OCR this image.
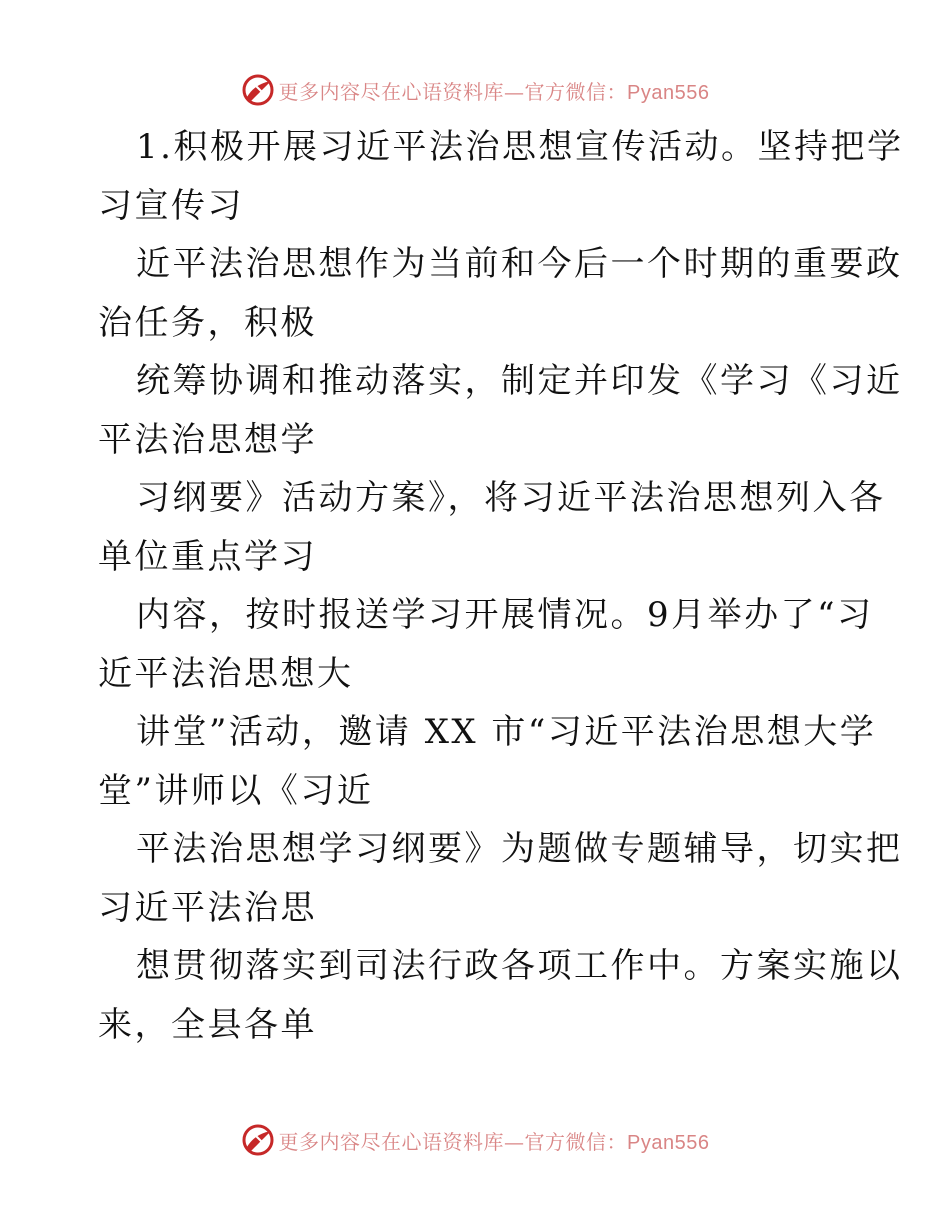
更多内容尽在心语资料库—官方微信：Pyan556
1.积极开展习近平法治思想宣传活动。坚持把学
习宣传习
近平法治思想作为当前和今后一个时期的重要政
治任务，积极
统筹协调和推动落实，制定并印发《学习《习近
平法治思想学
习纲要》活动方案》，将习近平法治思想列入各
单位重点学习
内容，按时报送学习开展情况。9月举办了“习
近平法治思想大
讲堂”活动，邀请 XX 市“习近平法治思想大学
堂”讲师以《习近
平法治思想学习纲要》为题做专题辅导，切实把
习近平法治思
想贯彻落实到司法行政各项工作中。方案实施以
来，全县各单
更多内容尽在心语资料库—官方微信：Pyan556
